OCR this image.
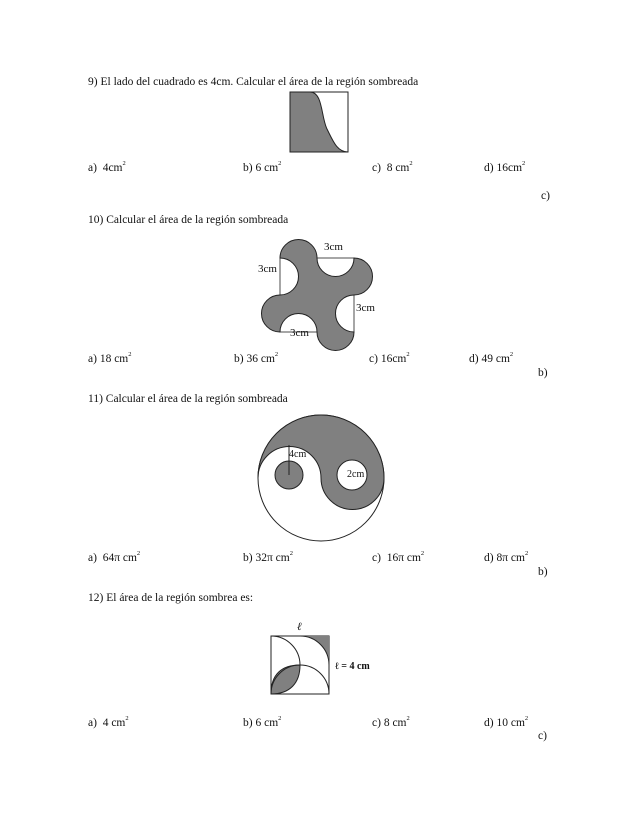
9) El lado del cuadrado es 4cm. Calcular el área de la región sombreada
a) $4cm^2$	b) 6 $cm^2$	c) 8 $cm^2$	d) $16cm^2$
c)
10) Calcular el área de la región sombreada
3cm
3cm
3cm
3cm
a) 18 $cm^2$	b) 36 $cm^2$	c) $16cm^2$	d) 49 $cm^2$
b)
11) Calcular el área de la región sombreada
4cm
2cm
a) 64π $cm^2$	b) 32π $cm^2$	c) 16π $cm^2$	d) 8π $cm^2$
b)
12) El área de la región sombrea es:
ℓ
ℓ = 4 cm
a) 4 $cm^2$	b) 6 $cm^2$	c) 8 $cm^2$	d) 10 $cm^2$
c)
